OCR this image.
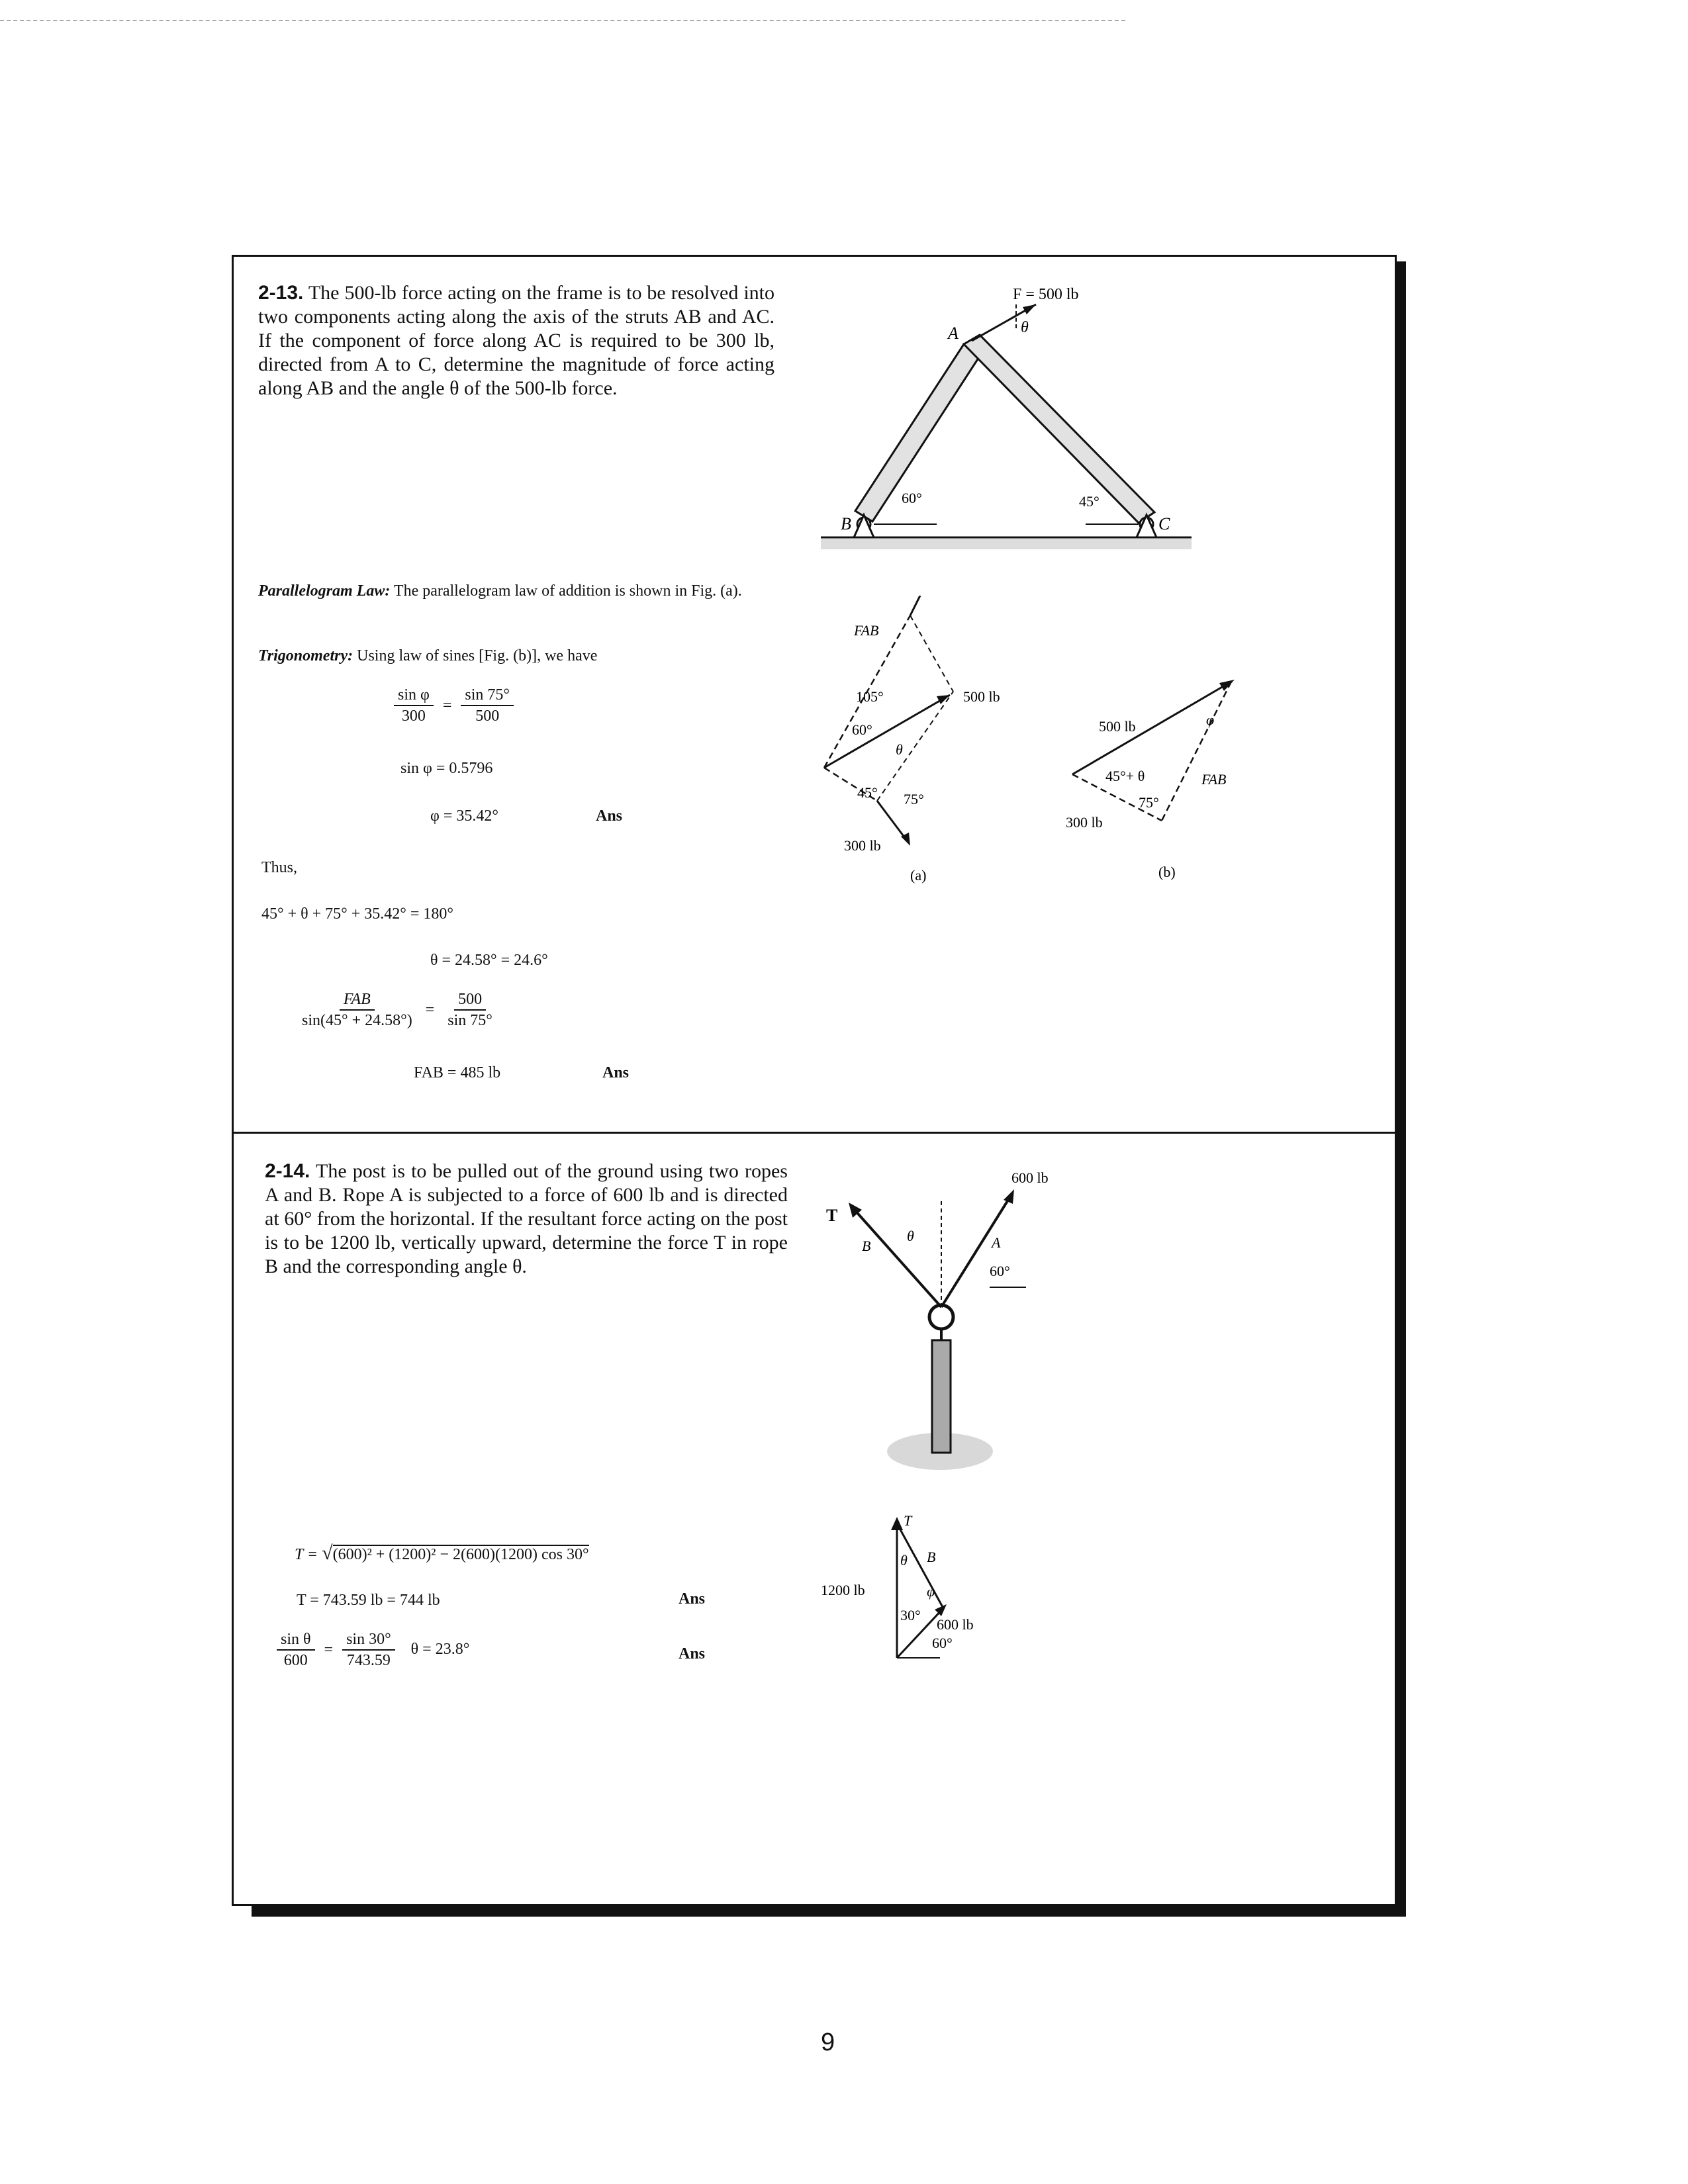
2-13. The 500-lb force acting on the frame is to be resolved into two components acting along the axis of the struts AB and AC. If the component of force along AC is required to be 300 lb, directed from A to C, determine the magnitude of force acting along AB and the angle θ of the 500-lb force.
F = 500 lb
θ
A
B	C
60°	45°
Parallelogram Law: The parallelogram law of addition is shown in Fig. (a).
Trigonometry: Using law of sines [Fig. (b)], we have
$\frac{\text{sin φ}}{300} = \frac{\sin 75^\circ}{500}$
sin φ = 0.5796
φ = 35.42°	Ans
Thus,
45° + θ + 75° + 35.42° = 180°
θ = 24.58° = 24.6°
$\frac{\text{FAB}}{\sin(45^\circ + 24.58^\circ)} = \frac{500}{\sin 75^\circ}$
FAB = 485 lb	Ans
FAB
105°	500 lb
60°
θ
45° 75°
300 lb
(a)
500 lb	φ
45°+ θ	FAB
75°
300 lb
(b)
2-14. The post is to be pulled out of the ground using two ropes A and B. Rope A is subjected to a force of 600 lb and is directed at 60° from the horizontal. If the resultant force acting on the post is to be 1200 lb, vertically upward, determine the force T in rope B and the corresponding angle θ.
600 lb
T
B
θ	A
60°
T
θ B
1200 lb	φ
30°
600 lb
60°
T = √(600)² + (1200)² − 2(600)(1200) cos 30°
T = 743.59 lb = 744 lb	Ans
$\frac{\text{sin θ}}{600} = \frac{\sin 30^\circ}{743.59}$ θ = 23.8°	Ans
9
